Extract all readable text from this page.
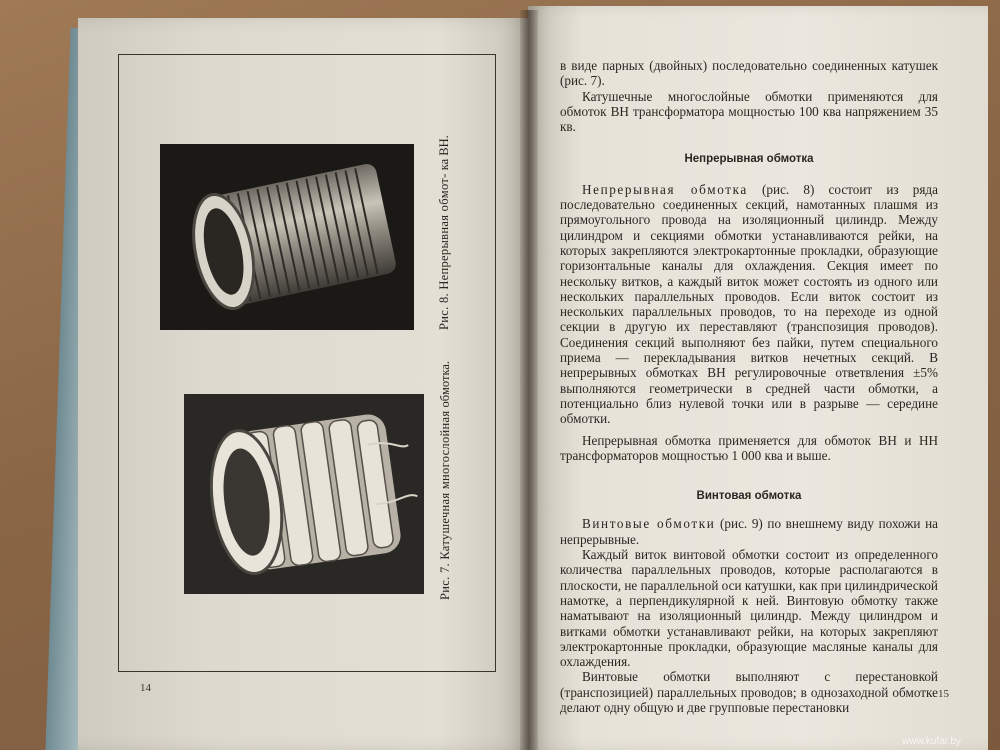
Рис. 8. Непрерывная обмот- ка ВН.
Рис. 7. Катушечная многослойная обмотка.
14

в виде парных (двойных) последовательно соединенных катушек (рис. 7).

Катушечные многослойные обмотки применяются для обмоток ВН трансформатора мощностью 100 ква напряжением 35 кв.

Непрерывная обмотка

Непрерывная обмотка (рис. 8) состоит из ряда последовательно соединенных секций, намотанных плашмя из прямоугольного провода на изоляционный цилиндр. Между цилиндром и секциями обмотки устанавливаются рейки, на которых закрепляются электрокартонные прокладки, образующие горизонтальные каналы для охлаждения. Секция имеет по нескольку витков, а каждый виток может состоять из одного или нескольких параллельных проводов. Если виток состоит из нескольких параллельных проводов, то на переходе из одной секции в другую их переставляют (транспозиция проводов). Соединения секций выполняют без пайки, путем специального приема — перекладывания витков нечетных секций. В непрерывных обмотках ВН регулировочные ответвления ±5% выполняются геометрически в средней части обмотки, а потенциально близ нулевой точки или в разрыве — середине обмотки.

Непрерывная обмотка применяется для обмоток ВН и НН трансформаторов мощностью 1 000 ква и выше.

Винтовая обмотка

Винтовые обмотки (рис. 9) по внешнему виду похожи на непрерывные.

Каждый виток винтовой обмотки состоит из определенного количества параллельных проводов, которые располагаются в плоскости, не параллельной оси катушки, как при цилиндрической намотке, а перпендикулярной к ней. Винтовую обмотку также наматывают на изоляционный цилиндр. Между цилиндром и витками обмотки устанавливают рейки, на которых закрепляют электрокартонные прокладки, образующие масляные каналы для охлаждения.

Винтовые обмотки выполняют с перестановкой (транспозицией) параллельных проводов; в однозаходной обмотке делают одну общую и две групповые перестановки

15
www.kufar.by
